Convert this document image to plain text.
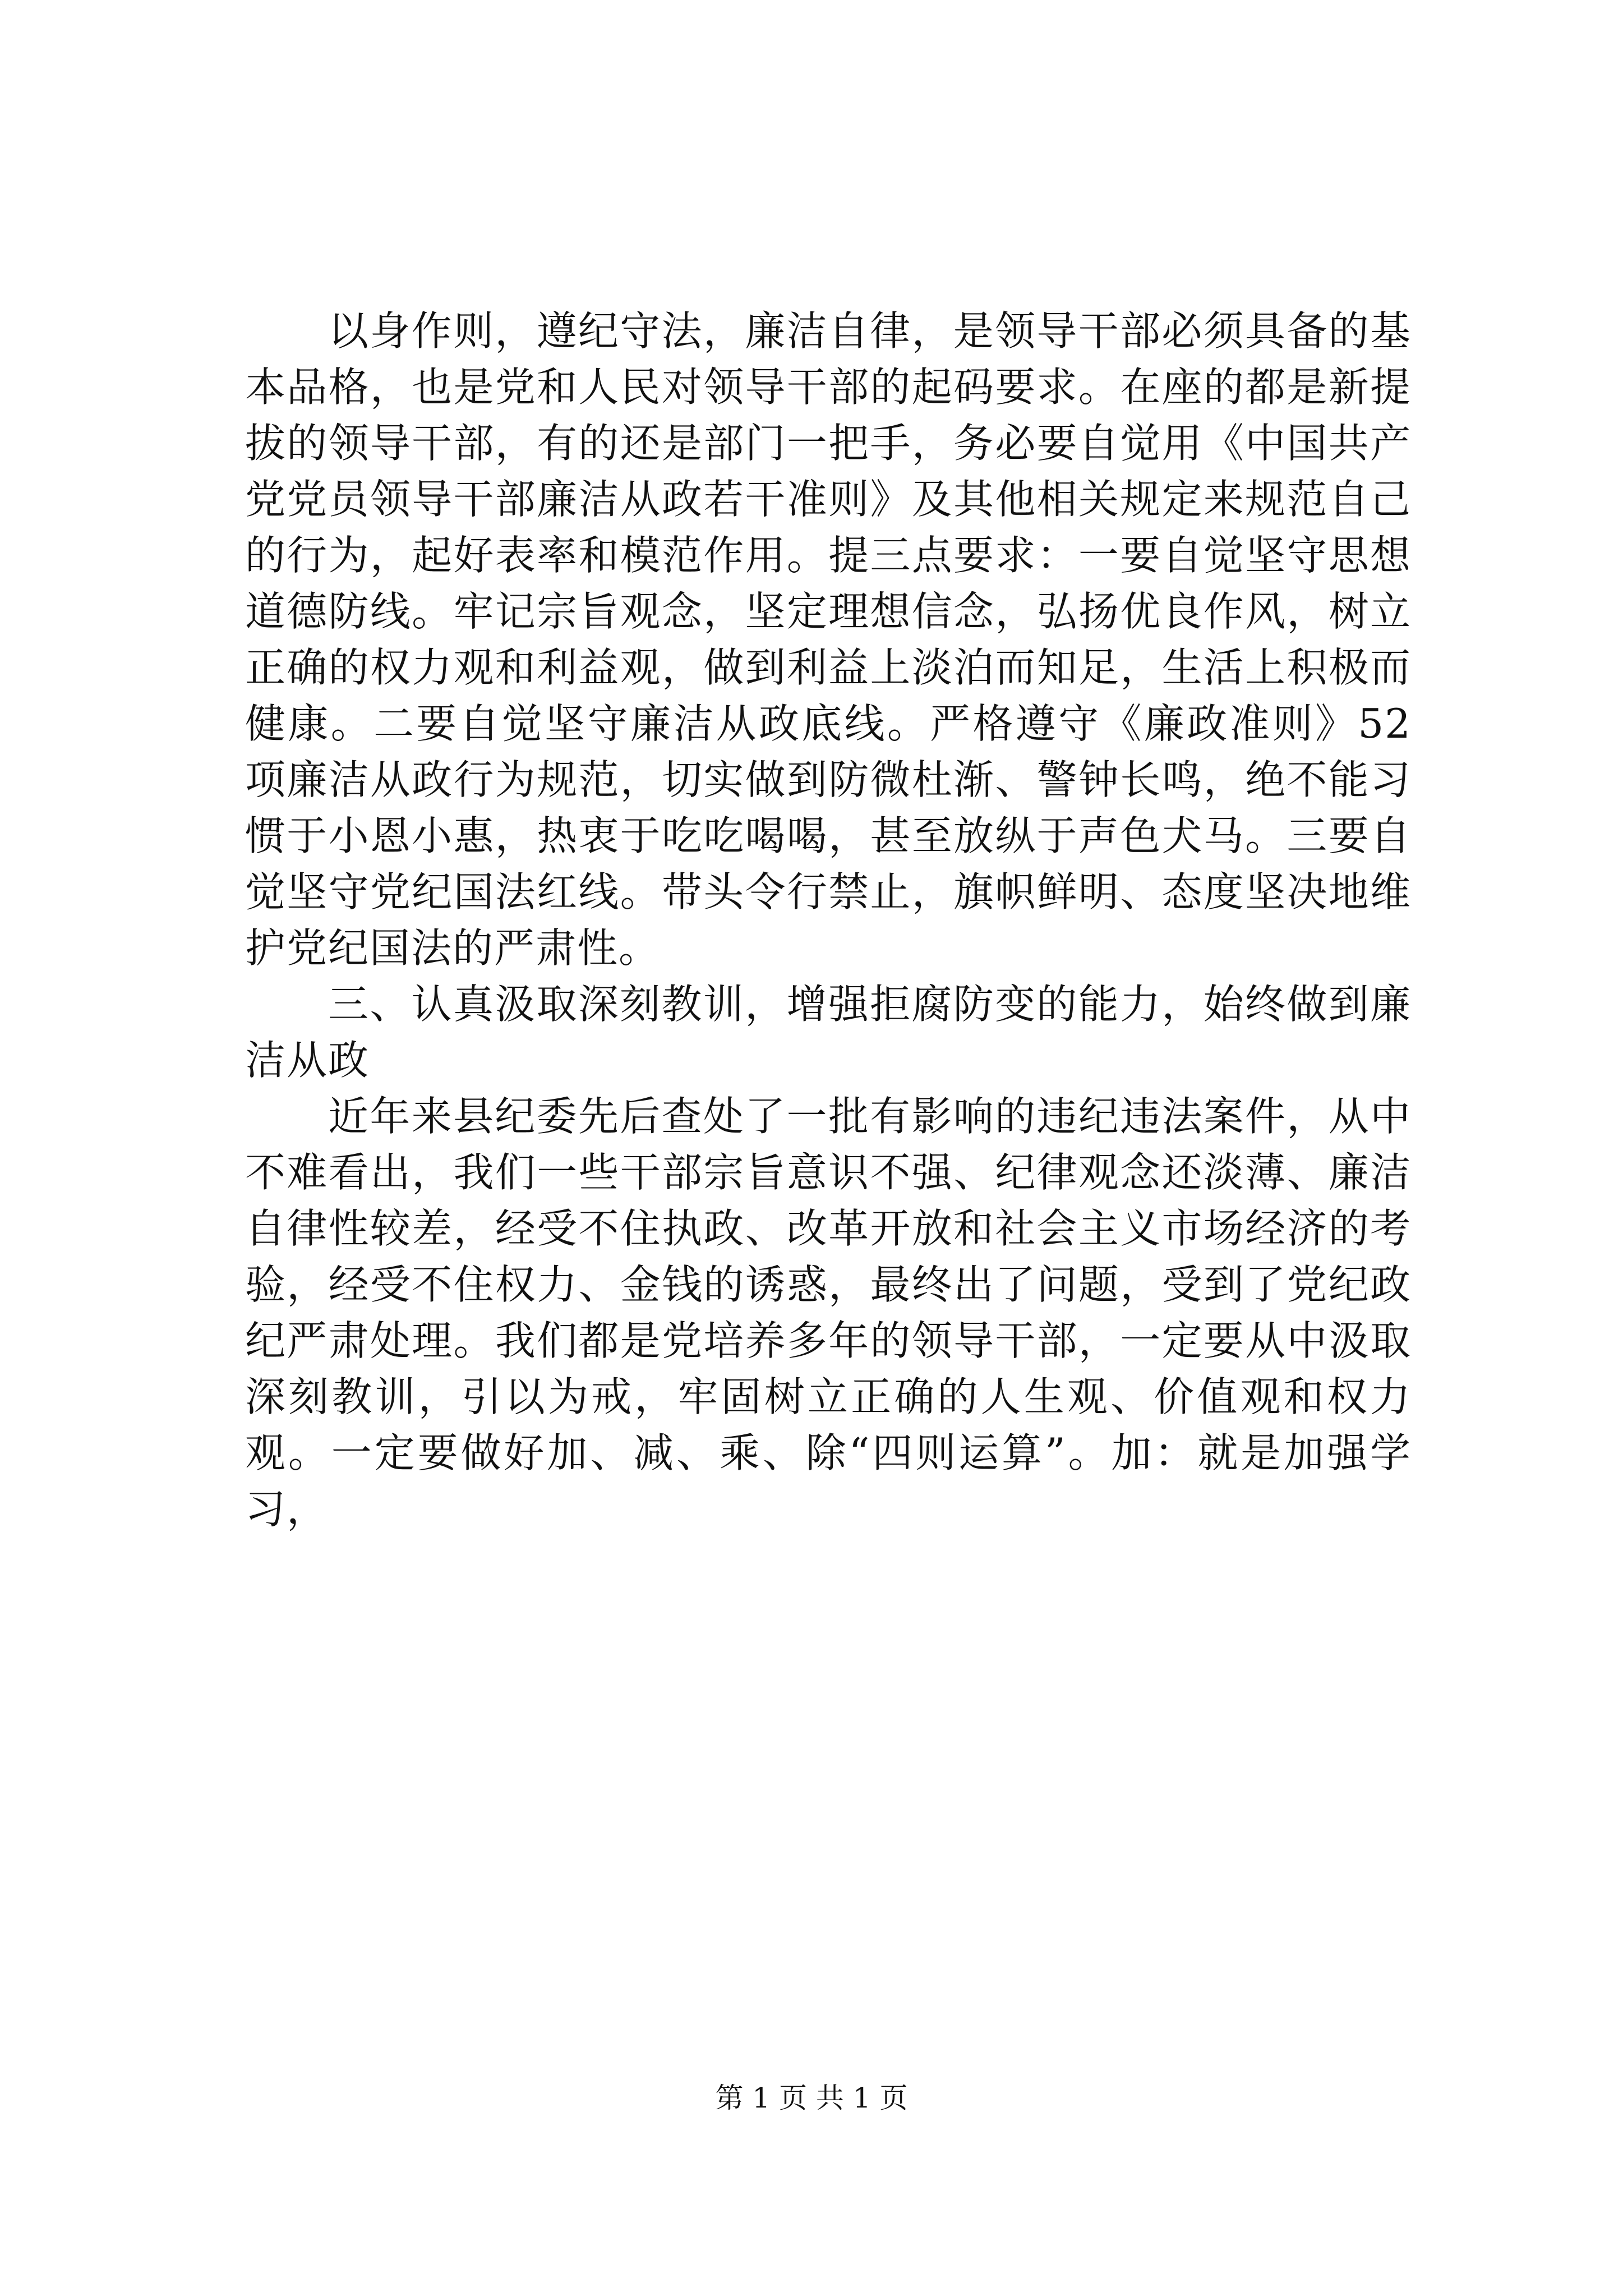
以身作则，遵纪守法，廉洁自律，是领导干部必须具备的基本品格，也是党和人民对领导干部的起码要求。在座的都是新提拔的领导干部，有的还是部门一把手，务必要自觉用《中国共产党党员领导干部廉洁从政若干准则》及其他相关规定来规范自己的行为，起好表率和模范作用。提三点要求：一要自觉坚守思想道德防线。牢记宗旨观念，坚定理想信念，弘扬优良作风，树立正确的权力观和利益观，做到利益上淡泊而知足，生活上积极而健康。二要自觉坚守廉洁从政底线。严格遵守《廉政准则》52项廉洁从政行为规范，切实做到防微杜渐、警钟长鸣，绝不能习惯于小恩小惠，热衷于吃吃喝喝，甚至放纵于声色犬马。三要自觉坚守党纪国法红线。带头令行禁止，旗帜鲜明、态度坚决地维护党纪国法的严肃性。

三、认真汲取深刻教训，增强拒腐防变的能力，始终做到廉洁从政

近年来县纪委先后查处了一批有影响的违纪违法案件，从中不难看出，我们一些干部宗旨意识不强、纪律观念还淡薄、廉洁自律性较差，经受不住执政、改革开放和社会主义市场经济的考验，经受不住权力、金钱的诱惑，最终出了问题，受到了党纪政纪严肃处理。我们都是党培养多年的领导干部，一定要从中汲取深刻教训，引以为戒，牢固树立正确的人生观、价值观和权力观。一定要做好加、减、乘、除“四则运算”。加：就是加强学习，

第 1 页 共 1 页
